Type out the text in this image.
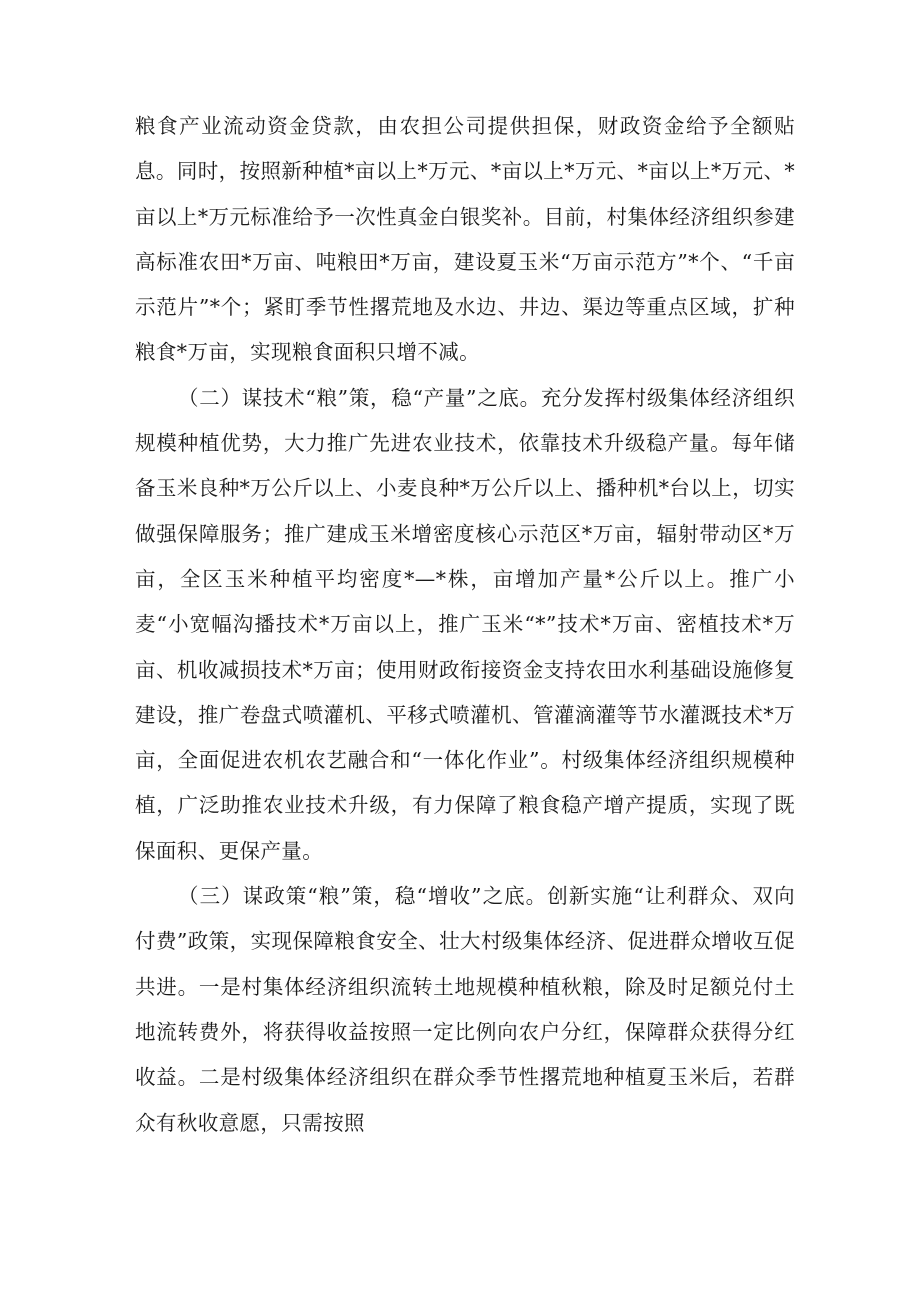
粮食产业流动资金贷款，由农担公司提供担保，财政资金给予全额贴息。同时，按照新种植*亩以上*万元、*亩以上*万元、*亩以上*万元、*亩以上*万元标准给予一次性真金白银奖补。目前，村集体经济组织参建高标准农田*万亩、吨粮田*万亩，建设夏玉米“万亩示范方”*个、“千亩示范片”*个；紧盯季节性撂荒地及水边、井边、渠边等重点区域，扩种粮食*万亩，实现粮食面积只增不减。

（二）谋技术“粮”策，稳“产量”之底。充分发挥村级集体经济组织规模种植优势，大力推广先进农业技术，依靠技术升级稳产量。每年储备玉米良种*万公斤以上、小麦良种*万公斤以上、播种机*台以上，切实做强保障服务；推广建成玉米增密度核心示范区*万亩，辐射带动区*万亩，全区玉米种植平均密度*—*株，亩增加产量*公斤以上。推广小麦“小宽幅沟播技术*万亩以上，推广玉米“*”技术*万亩、密植技术*万亩、机收减损技术*万亩；使用财政衔接资金支持农田水利基础设施修复建设，推广卷盘式喷灌机、平移式喷灌机、管灌滴灌等节水灌溉技术*万亩，全面促进农机农艺融合和“一体化作业”。村级集体经济组织规模种植，广泛助推农业技术升级，有力保障了粮食稳产增产提质，实现了既保面积、更保产量。

（三）谋政策“粮”策，稳“增收”之底。创新实施“让利群众、双向付费”政策，实现保障粮食安全、壮大村级集体经济、促进群众增收互促共进。一是村集体经济组织流转土地规模种植秋粮，除及时足额兑付土地流转费外，将获得收益按照一定比例向农户分红，保障群众获得分红收益。二是村级集体经济组织在群众季节性撂荒地种植夏玉米后，若群众有秋收意愿，只需按照
